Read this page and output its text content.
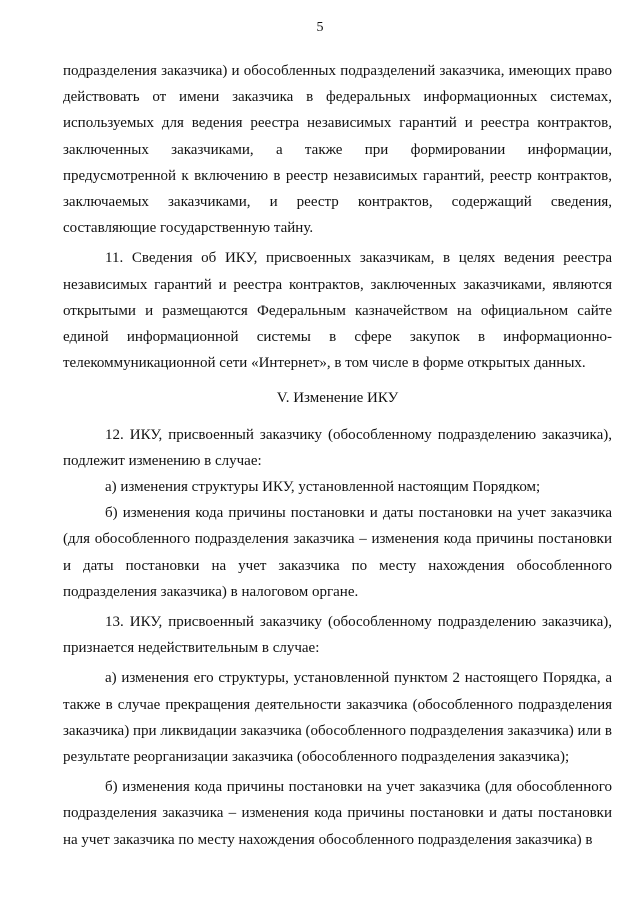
5

подразделения заказчика) и обособленных подразделений заказчика, имеющих право действовать от имени заказчика в федеральных информационных системах, используемых для ведения реестра независимых гарантий и реестра контрактов, заключенных заказчиками, а также при формировании информации, предусмотренной к включению в реестр независимых гарантий, реестр контрактов, заключаемых заказчиками, и реестр контрактов, содержащий сведения, составляющие государственную тайну.

11. Сведения об ИКУ, присвоенных заказчикам, в целях ведения реестра независимых гарантий и реестра контрактов, заключенных заказчиками, являются открытыми и размещаются Федеральным казначейством на официальном сайте единой информационной системы в сфере закупок в информационно-телекоммуникационной сети «Интернет», в том числе в форме открытых данных.

V. Изменение ИКУ

12. ИКУ, присвоенный заказчику (обособленному подразделению заказчика), подлежит изменению в случае:

а) изменения структуры ИКУ, установленной настоящим Порядком;

б) изменения кода причины постановки и даты постановки на учет заказчика (для обособленного подразделения заказчика – изменения кода причины постановки и даты постановки на учет заказчика по месту нахождения обособленного подразделения заказчика) в налоговом органе.

13. ИКУ, присвоенный заказчику (обособленному подразделению заказчика), признается недействительным в случае:

а) изменения его структуры, установленной пунктом 2 настоящего Порядка, а также в случае прекращения деятельности заказчика (обособленного подразделения заказчика) при ликвидации заказчика (обособленного подразделения заказчика) или в результате реорганизации заказчика (обособленного подразделения заказчика);

б) изменения кода причины постановки на учет заказчика (для обособленного подразделения заказчика – изменения кода причины постановки и даты постановки на учет заказчика по месту нахождения обособленного подразделения заказчика) в
